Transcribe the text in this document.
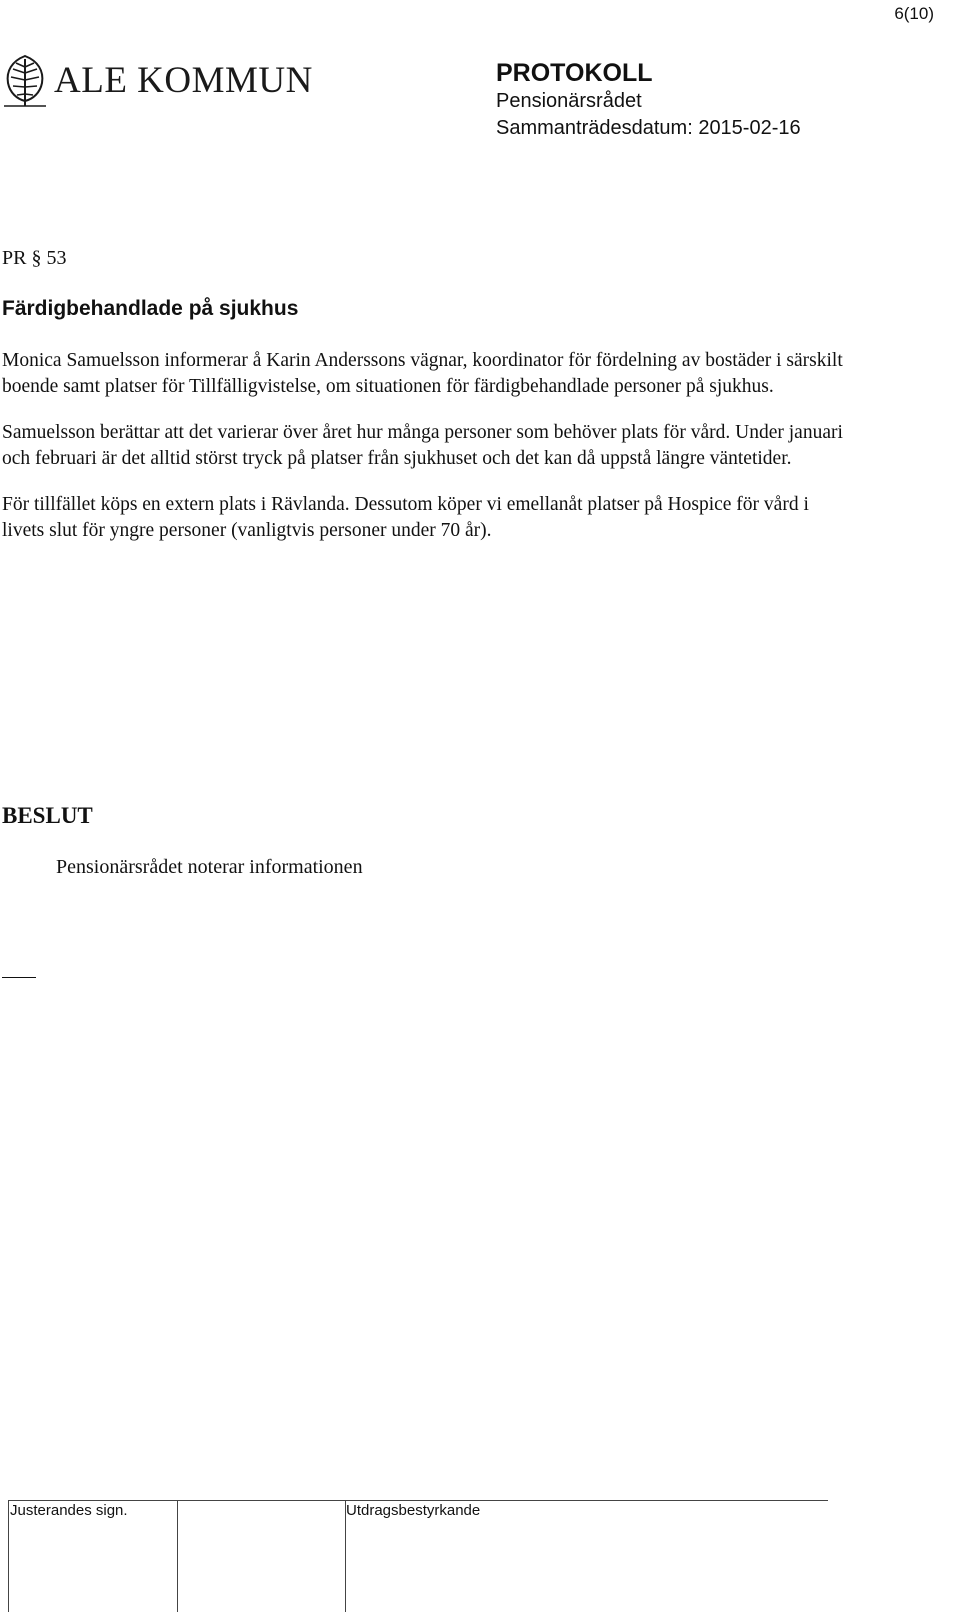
6(10)
ALE KOMMUN	PROTOKOLL
Pensionärsrådet
Sammanträdesdatum: 2015-02-16
PR § 53
Färdigbehandlade på sjukhus

Monica Samuelsson informerar å Karin Anderssons vägnar, koordinator för fördelning av bostäder i särskilt boende samt platser för Tillfälligvistelse, om situationen för färdigbehandlade personer på sjukhus.

Samuelsson berättar att det varierar över året hur många personer som behöver plats för vård. Under januari och februari är det alltid störst tryck på platser från sjukhuset och det kan då uppstå längre väntetider.

För tillfället köps en extern plats i Rävlanda. Dessutom köper vi emellanåt platser på Hospice för vård i livets slut för yngre personer (vanligtvis personer under 70 år).

BESLUT
Pensionärsrådet noterar informationen
Justerandes sign.	Utdragsbestyrkande
